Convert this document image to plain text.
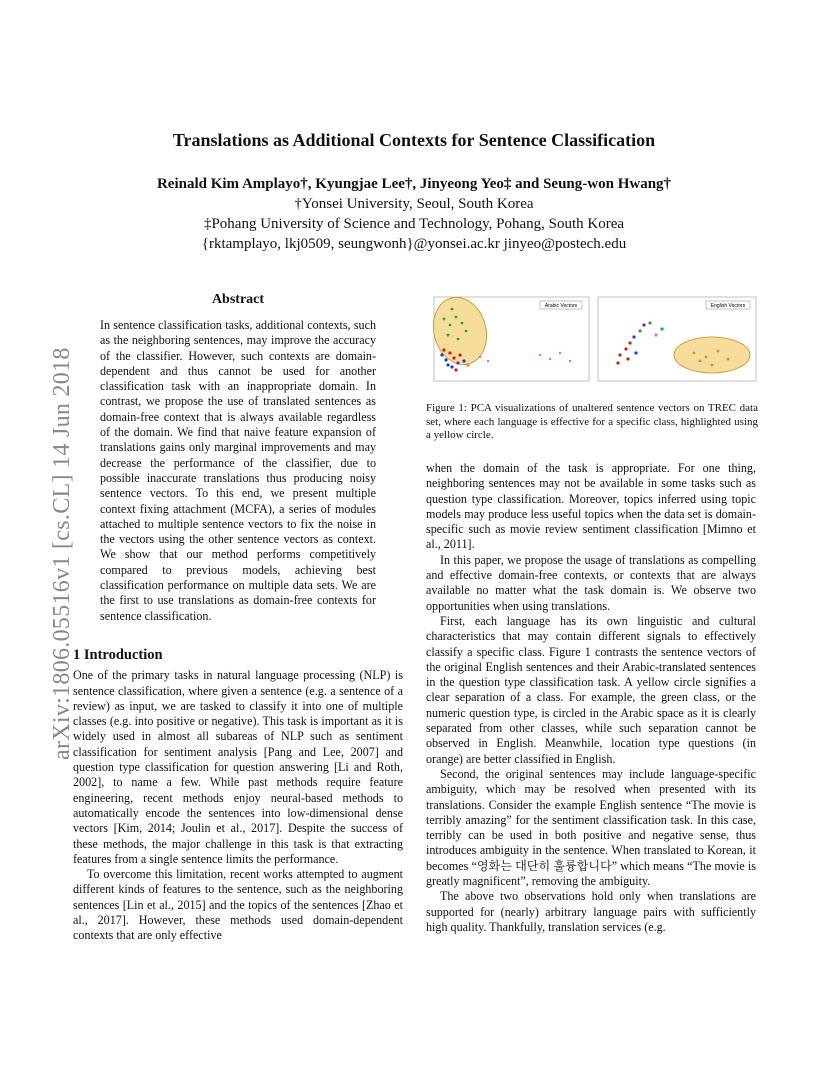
arXiv:1806.05516v1 [cs.CL] 14 Jun 2018
Translations as Additional Contexts for Sentence Classification
Reinald Kim Amplayo†, Kyungjae Lee†, Jinyeong Yeo‡ and Seung-won Hwang†
†Yonsei University, Seoul, South Korea
‡Pohang University of Science and Technology, Pohang, South Korea
{rktamplayo, lkj0509, seungwonh}@yonsei.ac.kr jinyeo@postech.edu
Abstract

In sentence classification tasks, additional contexts, such as the neighboring sentences, may improve the accuracy of the classifier. However, such contexts are domain-dependent and thus cannot be used for another classification task with an inappropriate domain. In contrast, we propose the use of translated sentences as domain-free context that is always available regardless of the domain. We find that naive feature expansion of translations gains only marginal improvements and may decrease the performance of the classifier, due to possible inaccurate translations thus producing noisy sentence vectors. To this end, we present multiple context fixing attachment (MCFA), a series of modules attached to multiple sentence vectors to fix the noise in the vectors using the other sentence vectors as context. We show that our method performs competitively compared to previous models, achieving best classification performance on multiple data sets. We are the first to use translations as domain-free contexts for sentence classification.

1 Introduction

One of the primary tasks in natural language processing (NLP) is sentence classification, where given a sentence (e.g. a sentence of a review) as input, we are tasked to classify it into one of multiple classes (e.g. into positive or negative). This task is important as it is widely used in almost all subareas of NLP such as sentiment classification for sentiment analysis [Pang and Lee, 2007] and question type classification for question answering [Li and Roth, 2002], to name a few. While past methods require feature engineering, recent methods enjoy neural-based methods to automatically encode the sentences into low-dimensional dense vectors [Kim, 2014; Joulin et al., 2017]. Despite the success of these methods, the major challenge in this task is that extracting features from a single sentence limits the performance.

To overcome this limitation, recent works attempted to augment different kinds of features to the sentence, such as the neighboring sentences [Lin et al., 2015] and the topics of the sentences [Zhao et al., 2017]. However, these methods used domain-dependent contexts that are only effective

Arabic Vectors	English Vectors
Figure 1: PCA visualizations of unaltered sentence vectors on TREC data set, where each language is effective for a specific class, highlighted using a yellow circle.

when the domain of the task is appropriate. For one thing, neighboring sentences may not be available in some tasks such as question type classification. Moreover, topics inferred using topic models may produce less useful topics when the data set is domain-specific such as movie review sentiment classification [Mimno et al., 2011].

In this paper, we propose the usage of translations as compelling and effective domain-free contexts, or contexts that are always available no matter what the task domain is. We observe two opportunities when using translations.

First, each language has its own linguistic and cultural characteristics that may contain different signals to effectively classify a specific class. Figure 1 contrasts the sentence vectors of the original English sentences and their Arabic-translated sentences in the question type classification task. A yellow circle signifies a clear separation of a class. For example, the green class, or the numeric question type, is circled in the Arabic space as it is clearly separated from other classes, while such separation cannot be observed in English. Meanwhile, location type questions (in orange) are better classified in English.

Second, the original sentences may include language-specific ambiguity, which may be resolved when presented with its translations. Consider the example English sentence “The movie is terribly amazing” for the sentiment classification task. In this case, terribly can be used in both positive and negative sense, thus introduces ambiguity in the sentence. When translated to Korean, it becomes “영화는 대단히 훌륭합니다” which means “The movie is greatly magnificent”, removing the ambiguity.

The above two observations hold only when translations are supported for (nearly) arbitrary language pairs with sufficiently high quality. Thankfully, translation services (e.g.
